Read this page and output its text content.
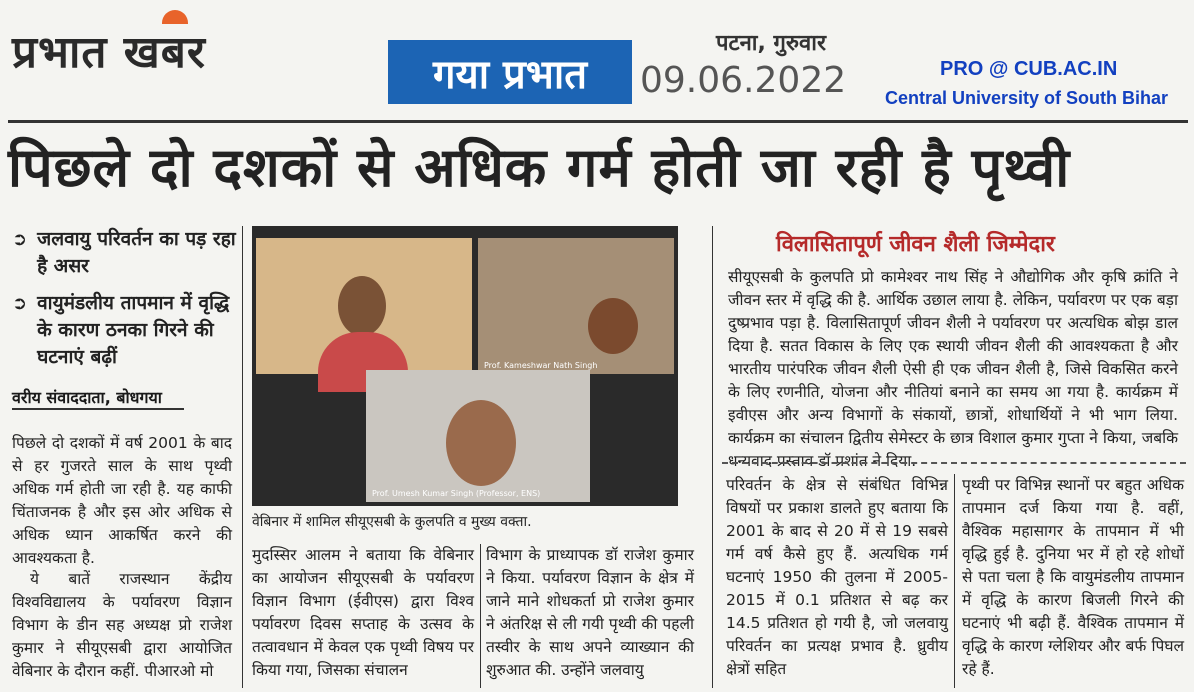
प्रभात खबर	पटना, गुरुवार
गया प्रभात	09.06.2022	PRO @ CUB.AC.IN
Central University of South Bihar
पिछले दो दशकों से अधिक गर्म होती जा रही है पृथ्वी
➲ जलवायु परिवर्तन का पड़ रहा है असर
➲ वायुमंडलीय तापमान में वृद्धि के कारण ठनका गिरने की घटनाएं बढ़ीं
वरीय संवाददाता, बोधगया
पिछले दो दशकों में वर्ष 2001 के बाद से हर गुजरते साल के साथ पृथ्वी अधिक गर्म होती जा रही है. यह काफी चिंताजनक है और इस ओर अधिक से अधिक ध्यान आकर्षित करने की आवश्यकता है.
ये बातें राजस्थान केंद्रीय विश्वविद्यालय के पर्यावरण विज्ञान विभाग के डीन सह अध्यक्ष प्रो राजेश कुमार ने सीयूएसबी द्वारा आयोजित वेबिनार के दौरान कहीं. पीआरओ मो
Prof. Kameshwar Nath Singh
Prof. Umesh Kumar Singh (Professor, ENS)
वेबिनार में शामिल सीयूएसबी के कुलपति व मुख्य वक्ता.
मुदस्सिर आलम ने बताया कि वेबिनार का आयोजन सीयूएसबी के पर्यावरण विज्ञान विभाग (ईवीएस) द्वारा विश्व पर्यावरण दिवस सप्ताह के उत्सव के तत्वावधान में केवल एक पृथ्वी विषय पर किया गया, जिसका संचालन
विभाग के प्राध्यापक डॉ राजेश कुमार ने किया. पर्यावरण विज्ञान के क्षेत्र में जाने माने शोधकर्ता प्रो राजेश कुमार ने अंतरिक्ष से ली गयी पृथ्वी की पहली तस्वीर के साथ अपने व्याख्यान की शुरुआत की. उन्होंने जलवायु
विलासितापूर्ण जीवन शैली जिम्मेदार
सीयूएसबी के कुलपति प्रो कामेश्वर नाथ सिंह ने औद्योगिक और कृषि क्रांति ने जीवन स्तर में वृद्धि की है. आर्थिक उछाल लाया है. लेकिन, पर्यावरण पर एक बड़ा दुष्प्रभाव पड़ा है. विलासितापूर्ण जीवन शैली ने पर्यावरण पर अत्यधिक बोझ डाल दिया है. सतत विकास के लिए एक स्थायी जीवन शैली की आवश्यकता है और भारतीय पारंपरिक जीवन शैली ऐसी ही एक जीवन शैली है, जिसे विकसित करने के लिए रणनीति, योजना और नीतियां बनाने का समय आ गया है. कार्यक्रम में इवीएस और अन्य विभागों के संकायों, छात्रों, शोधार्थियों ने भी भाग लिया. कार्यक्रम का संचालन द्वितीय सेमेस्टर के छात्र विशाल कुमार गुप्ता ने किया, जबकि धन्यवाद प्रस्ताव डॉ प्रशांत ने दिया.
परिवर्तन के क्षेत्र से संबंधित विभिन्न विषयों पर प्रकाश डालते हुए बताया कि 2001 के बाद से 20 में से 19 सबसे गर्म वर्ष कैसे हुए हैं. अत्यधिक गर्म घटनाएं 1950 की तुलना में 2005-2015 में 0.1 प्रतिशत से बढ़ कर 14.5 प्रतिशत हो गयी है, जो जलवायु परिवर्तन का प्रत्यक्ष प्रभाव है. ध्रुवीय क्षेत्रों सहित
पृथ्वी पर विभिन्न स्थानों पर बहुत अधिक तापमान दर्ज किया गया है. वहीं, वैश्विक महासागर के तापमान में भी वृद्धि हुई है. दुनिया भर में हो रहे शोधों से पता चला है कि वायुमंडलीय तापमान में वृद्धि के कारण बिजली गिरने की घटनाएं भी बढ़ी हैं. वैश्विक तापमान में वृद्धि के कारण ग्लेशियर और बर्फ पिघल रहे हैं.
